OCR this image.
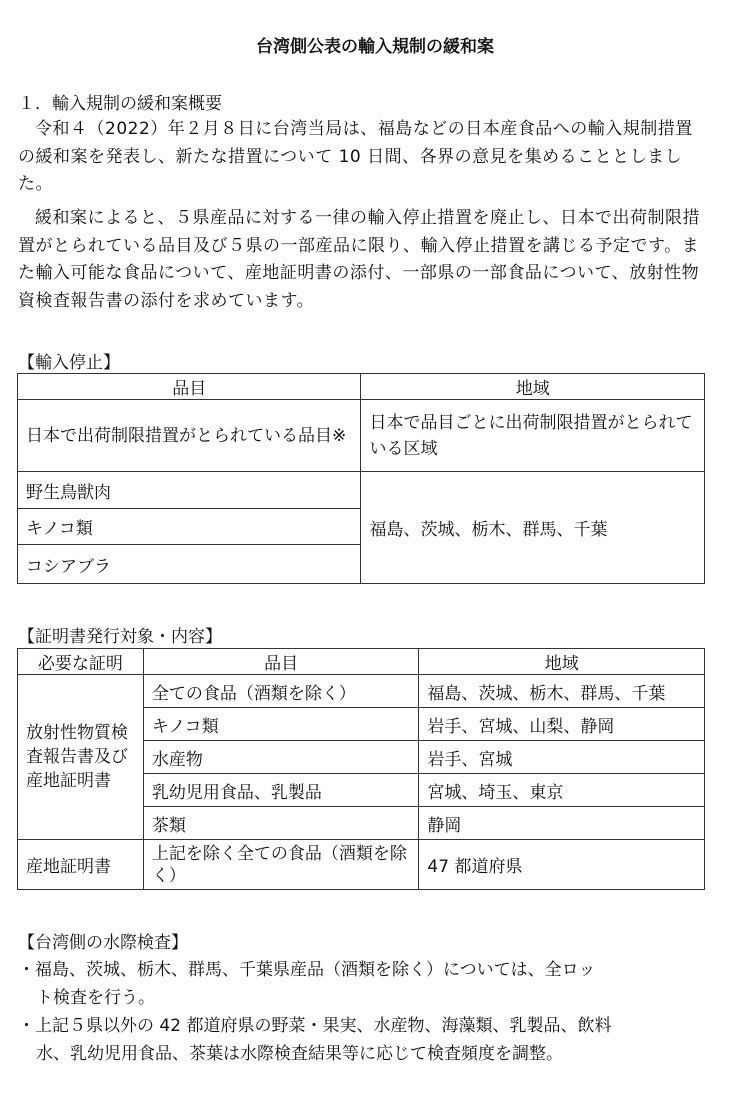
台湾側公表の輸入規制の緩和案
１．輸入規制の緩和案概要

令和４（2022）年２月８日に台湾当局は、福島などの日本産食品への輸入規制措置の緩和案を発表し、新たな措置について 10 日間、各界の意見を集めることとしました。

緩和案によると、５県産品に対する一律の輸入停止措置を廃止し、日本で出荷制限措置がとられている品目及び５県の一部産品に限り、輸入停止措置を講じる予定です。また輸入可能な食品について、産地証明書の添付、一部県の一部食品について、放射性物資検査報告書の添付を求めています。

【輸入停止】
品目	地域
日本で出荷制限措置がとられている品目※	日本で品目ごとに出荷制限措置がとられている区域
野生鳥獣肉	福島、茨城、栃木、群馬、千葉
キノコ類	
コシアブラ	
【証明書発行対象・内容】
必要な証明	品目	地域
放射性物質検査報告書及び産地証明書	全ての食品（酒類を除く）	福島、茨城、栃木、群馬、千葉
	キノコ類	岩手、宮城、山梨、静岡
	水産物	岩手、宮城
	乳幼児用食品、乳製品	宮城、埼玉、東京
	茶類	静岡
産地証明書	上記を除く全ての食品（酒類を除く）	47 都道府県
【台湾側の水際検査】
・福島、茨城、栃木、群馬、千葉県産品（酒類を除く）については、全ロッ
ト検査を行う。
・上記５県以外の 42 都道府県の野菜・果実、水産物、海藻類、乳製品、飲料
水、乳幼児用食品、茶葉は水際検査結果等に応じて検査頻度を調整。
